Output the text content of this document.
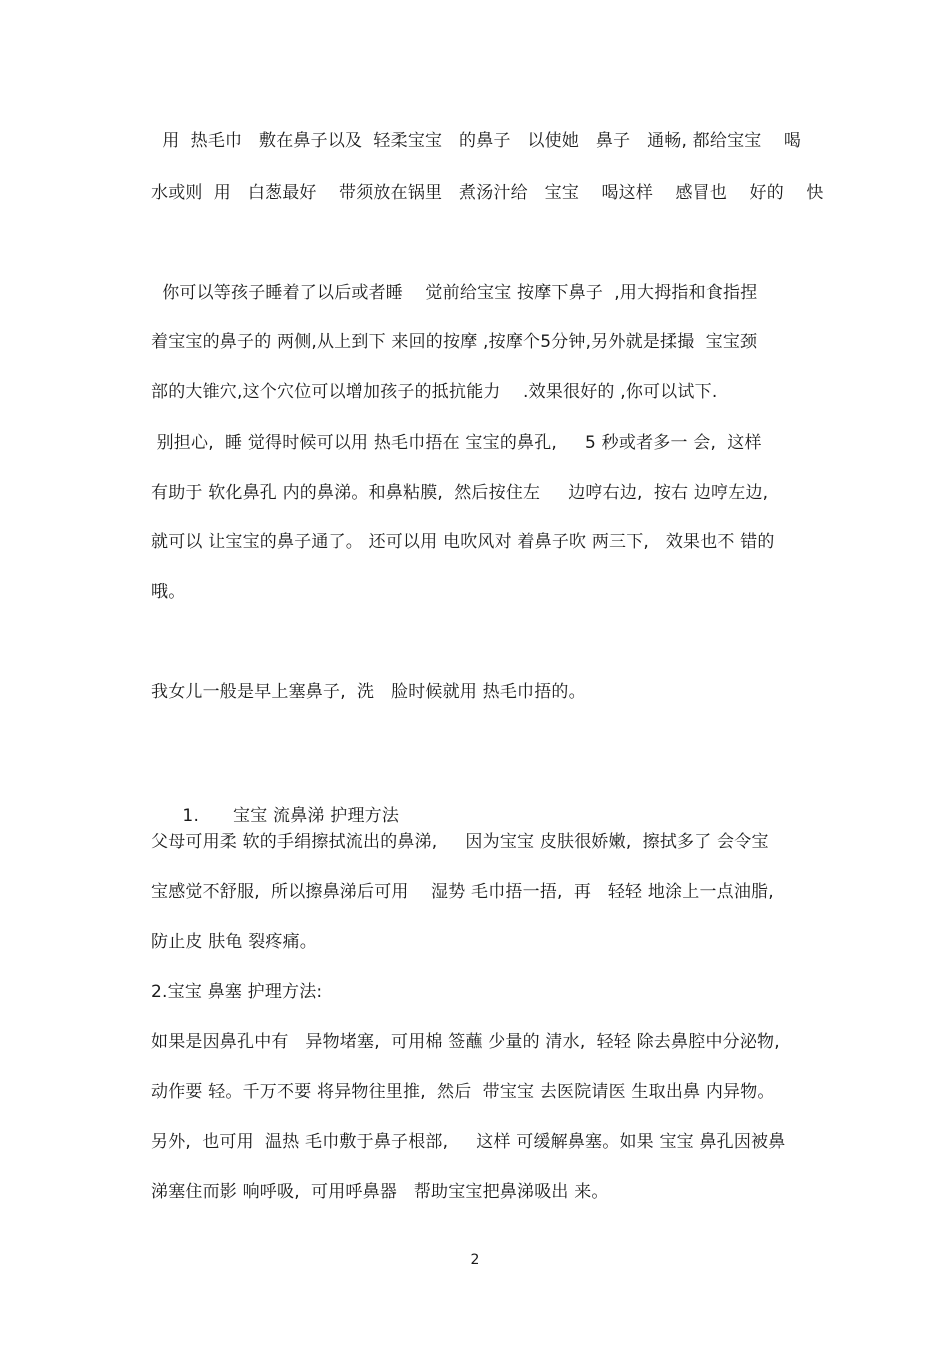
用  热毛巾   敷在鼻子以及  轻柔宝宝   的鼻子   以使她   鼻子   通畅, 都给宝宝    喝
水或则  用   白葱最好    带须放在锅里   煮汤汁给   宝宝    喝这样    感冒也    好的    快
你可以等孩子睡着了以后或者睡    觉前给宝宝 按摩下鼻子  ,用大拇指和食指捏
着宝宝的鼻子的 两侧,从上到下 来回的按摩 ,按摩个5分钟,另外就是揉撮  宝宝颈
部的大锥穴,这个穴位可以增加孩子的抵抗能力    .效果很好的 ,你可以试下.
别担心,  睡 觉得时候可以用 热毛巾捂在 宝宝的鼻孔,     5 秒或者多一 会,  这样
有助于 软化鼻孔 内的鼻涕。和鼻粘膜,  然后按住左     边哼右边,  按右 边哼左边,
就可以 让宝宝的鼻子通了。 还可以用 电吹风对 着鼻子吹 两三下,   效果也不 错的
哦。
我女儿一般是早上塞鼻子,  洗   脸时候就用 热毛巾捂的。

1. 宝宝 流鼻涕 护理方法

父母可用柔 软的手绢擦拭流出的鼻涕,     因为宝宝 皮肤很娇嫩,  擦拭多了 会令宝
宝感觉不舒服,  所以擦鼻涕后可用    湿势 毛巾捂一捂,  再   轻轻 地涂上一点油脂,
防止皮 肤龟 裂疼痛。
2.宝宝 鼻塞 护理方法:
如果是因鼻孔中有   异物堵塞,  可用棉 签蘸 少量的 清水,  轻轻 除去鼻腔中分泌物,
动作要 轻。千万不要 将异物往里推,  然后  带宝宝 去医院请医 生取出鼻 内异物。
另外,  也可用  温热 毛巾敷于鼻子根部,     这样 可缓解鼻塞。如果 宝宝 鼻孔因被鼻
涕塞住而影 响呼吸,  可用呼鼻器   帮助宝宝把鼻涕吸出 来。
2
